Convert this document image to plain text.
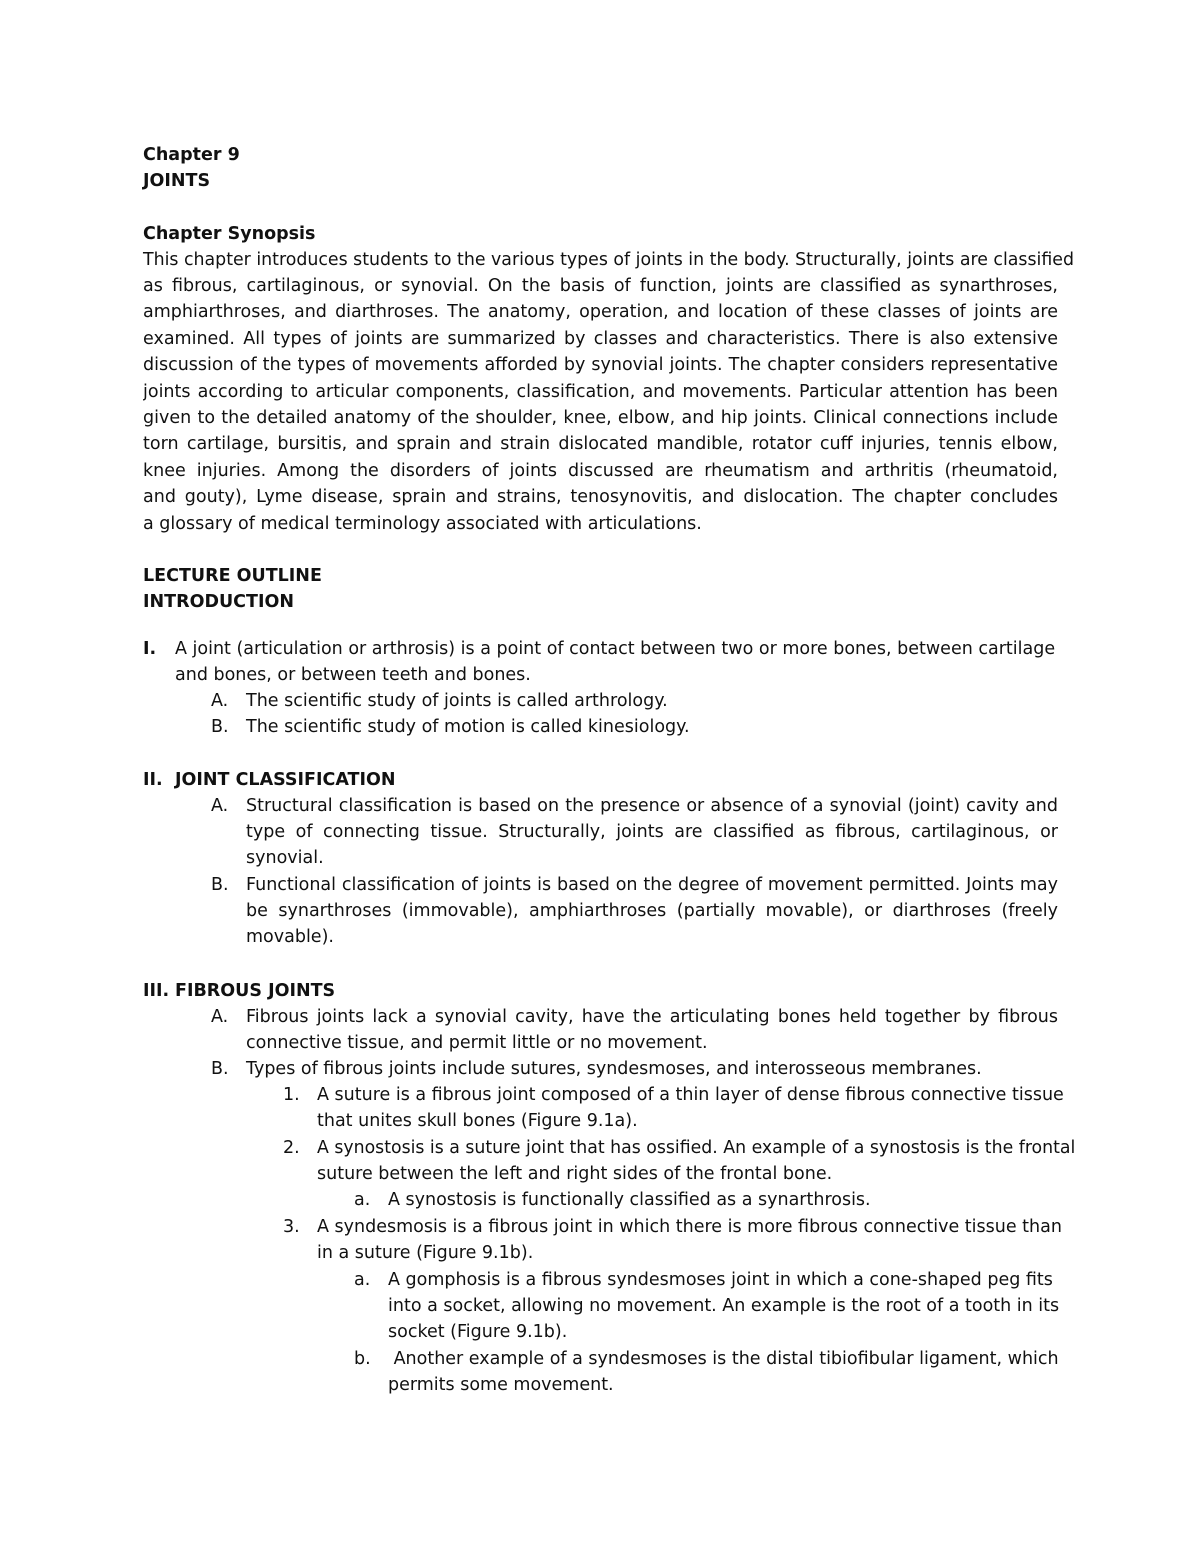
Chapter 9
JOINTS
Chapter Synopsis
This chapter introduces students to the various types of joints in the body. Structurally, joints are classified
as fibrous, cartilaginous, or synovial. On the basis of function, joints are classified as synarthroses,
amphiarthroses, and diarthroses. The anatomy, operation, and location of these classes of joints are
examined. All types of joints are summarized by classes and characteristics. There is also extensive
discussion of the types of movements afforded by synovial joints. The chapter considers representative
joints according to articular components, classification, and movements. Particular attention has been
given to the detailed anatomy of the shoulder, knee, elbow, and hip joints. Clinical connections include
torn cartilage, bursitis, and sprain and strain dislocated mandible, rotator cuff injuries, tennis elbow,
knee injuries. Among the disorders of joints discussed are rheumatism and arthritis (rheumatoid,
and gouty), Lyme disease, sprain and strains, tenosynovitis, and dislocation. The chapter concludes
a glossary of medical terminology associated with articulations.
LECTURE OUTLINE
INTRODUCTION
I. A joint (articulation or arthrosis) is a point of contact between two or more bones, between cartilage
and bones, or between teeth and bones.
A. The scientific study of joints is called arthrology.
B. The scientific study of motion is called kinesiology.
II. JOINT CLASSIFICATION
A. Structural classification is based on the presence or absence of a synovial (joint) cavity and
type of connecting tissue. Structurally, joints are classified as fibrous, cartilaginous, or
synovial.
B. Functional classification of joints is based on the degree of movement permitted. Joints may
be synarthroses (immovable), amphiarthroses (partially movable), or diarthroses (freely
movable).
III. FIBROUS JOINTS
A. Fibrous joints lack a synovial cavity, have the articulating bones held together by fibrous
connective tissue, and permit little or no movement.
B. Types of fibrous joints include sutures, syndesmoses, and interosseous membranes.
1. A suture is a fibrous joint composed of a thin layer of dense fibrous connective tissue
that unites skull bones (Figure 9.1a).
2. A synostosis is a suture joint that has ossified. An example of a synostosis is the frontal
suture between the left and right sides of the frontal bone.
a. A synostosis is functionally classified as a synarthrosis.
3. A syndesmosis is a fibrous joint in which there is more fibrous connective tissue than
in a suture (Figure 9.1b).
a. A gomphosis is a fibrous syndesmoses joint in which a cone-shaped peg fits
into a socket, allowing no movement. An example is the root of a tooth in its
socket (Figure 9.1b).
b. Another example of a syndesmoses is the distal tibiofibular ligament, which
permits some movement.
